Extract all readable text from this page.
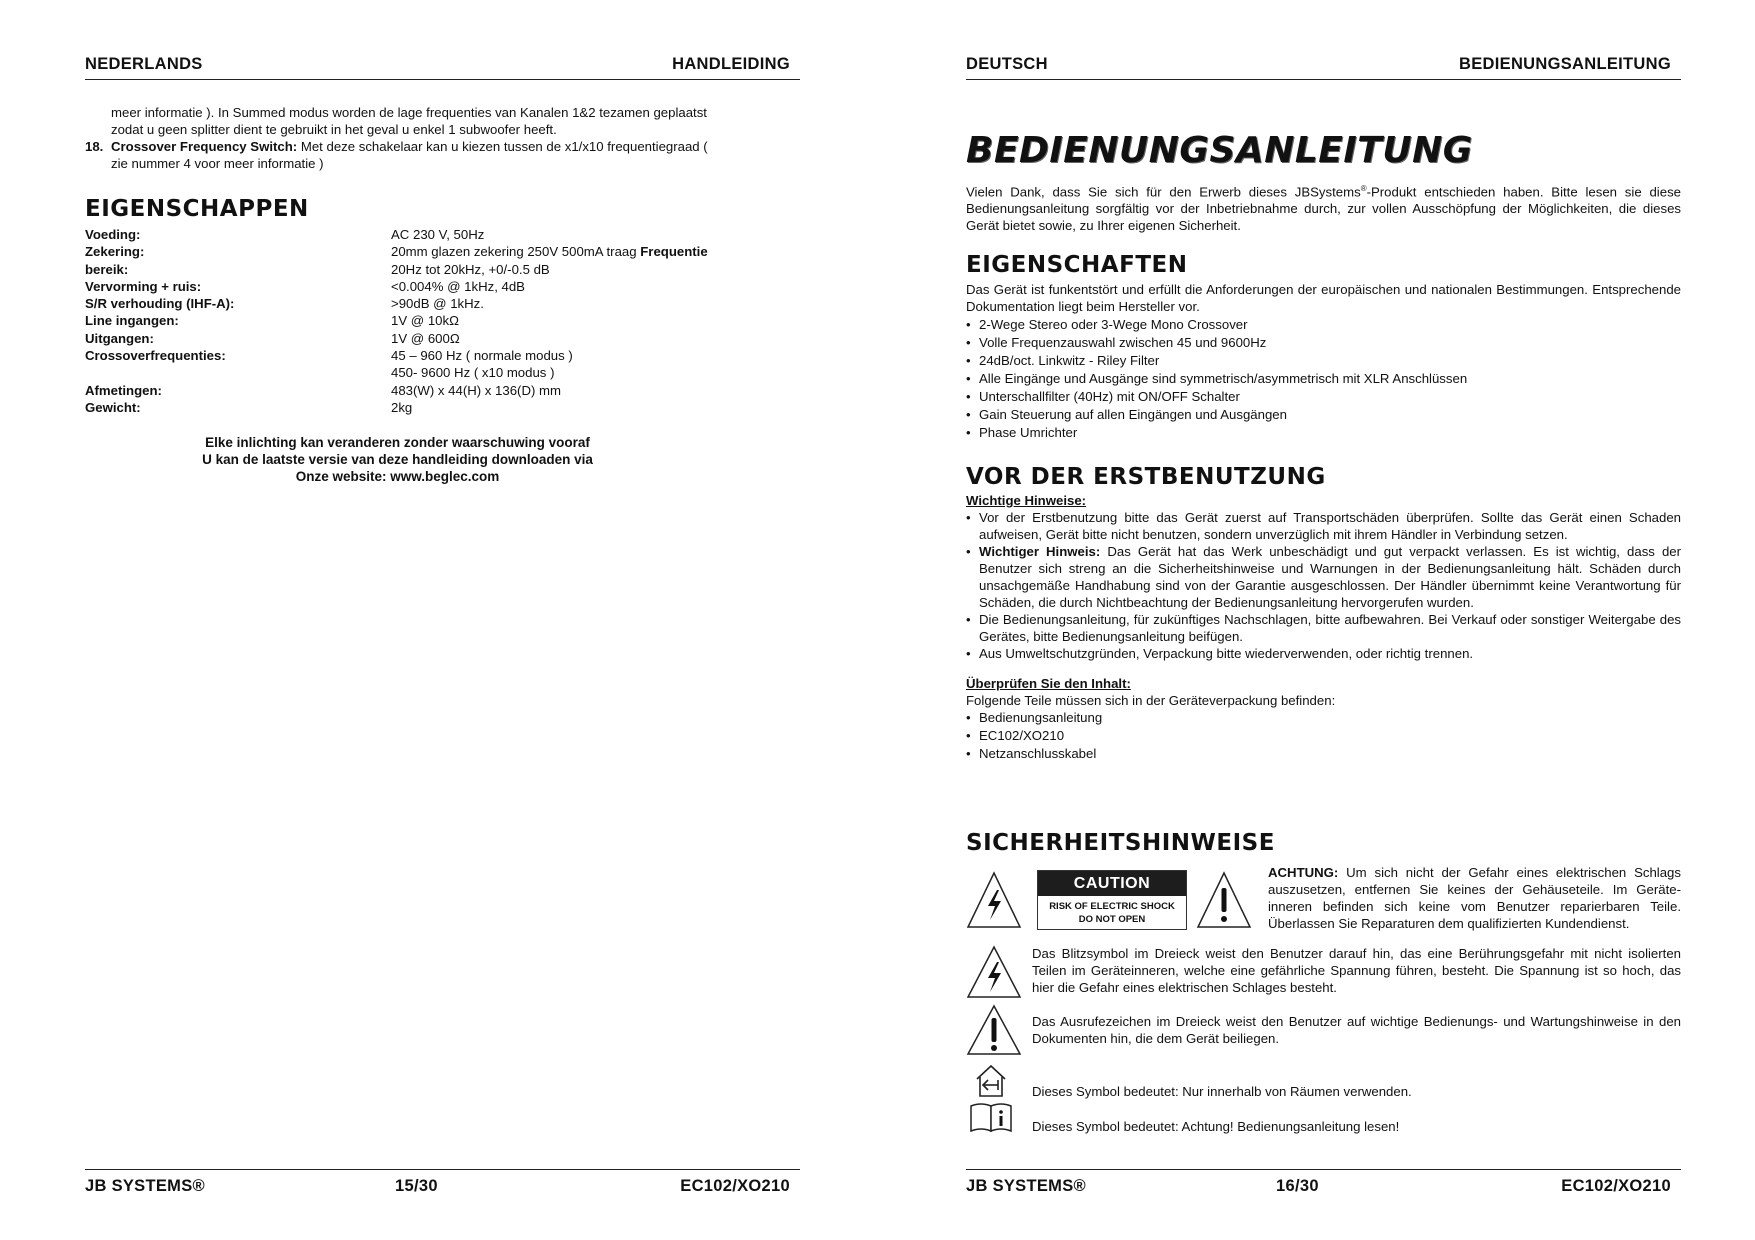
NEDERLANDS	HANDLEIDING
meer informatie ). In Summed modus worden de lage frequenties van Kanalen 1&2 tezamen geplaatst
zodat u geen splitter dient te gebruikt in het geval u enkel 1 subwoofer heeft.
18. Crossover Frequency Switch: Met deze schakelaar kan u kiezen tussen de x1/x10 frequentiegraad (
zie nummer 4 voor meer informatie )
EIGENSCHAPPEN
Voeding:	AC 230 V, 50Hz
Zekering:	20mm glazen zekering 250V 500mA traag Frequentie
bereik:	20Hz tot 20kHz, +0/-0.5 dB
Vervorming + ruis:	<0.004% @ 1kHz, 4dB
S/R verhouding (IHF-A):	>90dB @ 1kHz.
Line ingangen:	1V @ 10kΩ
Uitgangen:	1V @ 600Ω
Crossoverfrequenties:	45 – 960 Hz ( normale modus )
450- 9600 Hz ( x10 modus )
Afmetingen:	483(W) x 44(H) x 136(D) mm
Gewicht:	2kg
Elke inlichting kan veranderen zonder waarschuwing vooraf
U kan de laatste versie van deze handleiding downloaden via
Onze website: www.beglec.com
JB SYSTEMS®	15/30	EC102/XO210
DEUTSCH	BEDIENUNGSANLEITUNG
BEDIENUNGSANLEITUNG
Vielen Dank, dass Sie sich für den Erwerb dieses JBSystems®-Produkt entschieden haben. Bitte lesen sie diese Bedienungsanleitung sorgfältig vor der Inbetriebnahme durch, zur vollen Ausschöpfung der Möglichkeiten, die dieses Gerät bietet sowie, zu Ihrer eigenen Sicherheit.
EIGENSCHAFTEN
Das Gerät ist funkentstört und erfüllt die Anforderungen der europäischen und nationalen Bestimmungen. Entsprechende Dokumentation liegt beim Hersteller vor.
• 2-Wege Stereo oder 3-Wege Mono Crossover
• Volle Frequenzauswahl zwischen 45 und 9600Hz
• 24dB/oct. Linkwitz - Riley Filter
• Alle Eingänge und Ausgänge sind symmetrisch/asymmetrisch mit XLR Anschlüssen
• Unterschallfilter (40Hz) mit ON/OFF Schalter
• Gain Steuerung auf allen Eingängen und Ausgängen
• Phase Umrichter
VOR DER ERSTBENUTZUNG
Wichtige Hinweise:
• Vor der Erstbenutzung bitte das Gerät zuerst auf Transportschäden überprüfen. Sollte das Gerät einen Schaden aufweisen, Gerät bitte nicht benutzen, sondern unverzüglich mit ihrem Händler in Verbindung setzen.
• Wichtiger Hinweis: Das Gerät hat das Werk unbeschädigt und gut verpackt verlassen. Es ist wichtig, dass der Benutzer sich streng an die Sicherheitshinweise und Warnungen in der Bedienungsanleitung hält. Schäden durch unsachgemäße Handhabung sind von der Garantie ausgeschlossen. Der Händler übernimmt keine Verantwortung für Schäden, die durch Nichtbeachtung der Bedienungsanleitung hervorgerufen wurden.
• Die Bedienungsanleitung, für zukünftiges Nachschlagen, bitte aufbewahren. Bei Verkauf oder sonstiger Weitergabe des Gerätes, bitte Bedienungsanleitung beifügen.
• Aus Umweltschutzgründen, Verpackung bitte wiederverwenden, oder richtig trennen.
Überprüfen Sie den Inhalt:
Folgende Teile müssen sich in der Geräteverpackung befinden:
• Bedienungsanleitung
• EC102/XO210
• Netzanschlusskabel
SICHERHEITSHINWEISE
CAUTION
RISK OF ELECTRIC SHOCK
DO NOT OPEN
ACHTUNG: Um sich nicht der Gefahr eines elektrischen Schlags auszusetzen, entfernen Sie keines der Gehäuseteile. Im Geräte-inneren befinden sich keine vom Benutzer reparierbaren Teile. Überlassen Sie Reparaturen dem qualifizierten Kundendienst.
Das Blitzsymbol im Dreieck weist den Benutzer darauf hin, das eine Berührungsgefahr mit nicht isolierten Teilen im Geräteinneren, welche eine gefährliche Spannung führen, besteht. Die Spannung ist so hoch, das hier die Gefahr eines elektrischen Schlages besteht.
Das Ausrufezeichen im Dreieck weist den Benutzer auf wichtige Bedienungs- und Wartungshinweise in den Dokumenten hin, die dem Gerät beiliegen.
Dieses Symbol bedeutet: Nur innerhalb von Räumen verwenden.
Dieses Symbol bedeutet: Achtung! Bedienungsanleitung lesen!
JB SYSTEMS®	16/30	EC102/XO210
